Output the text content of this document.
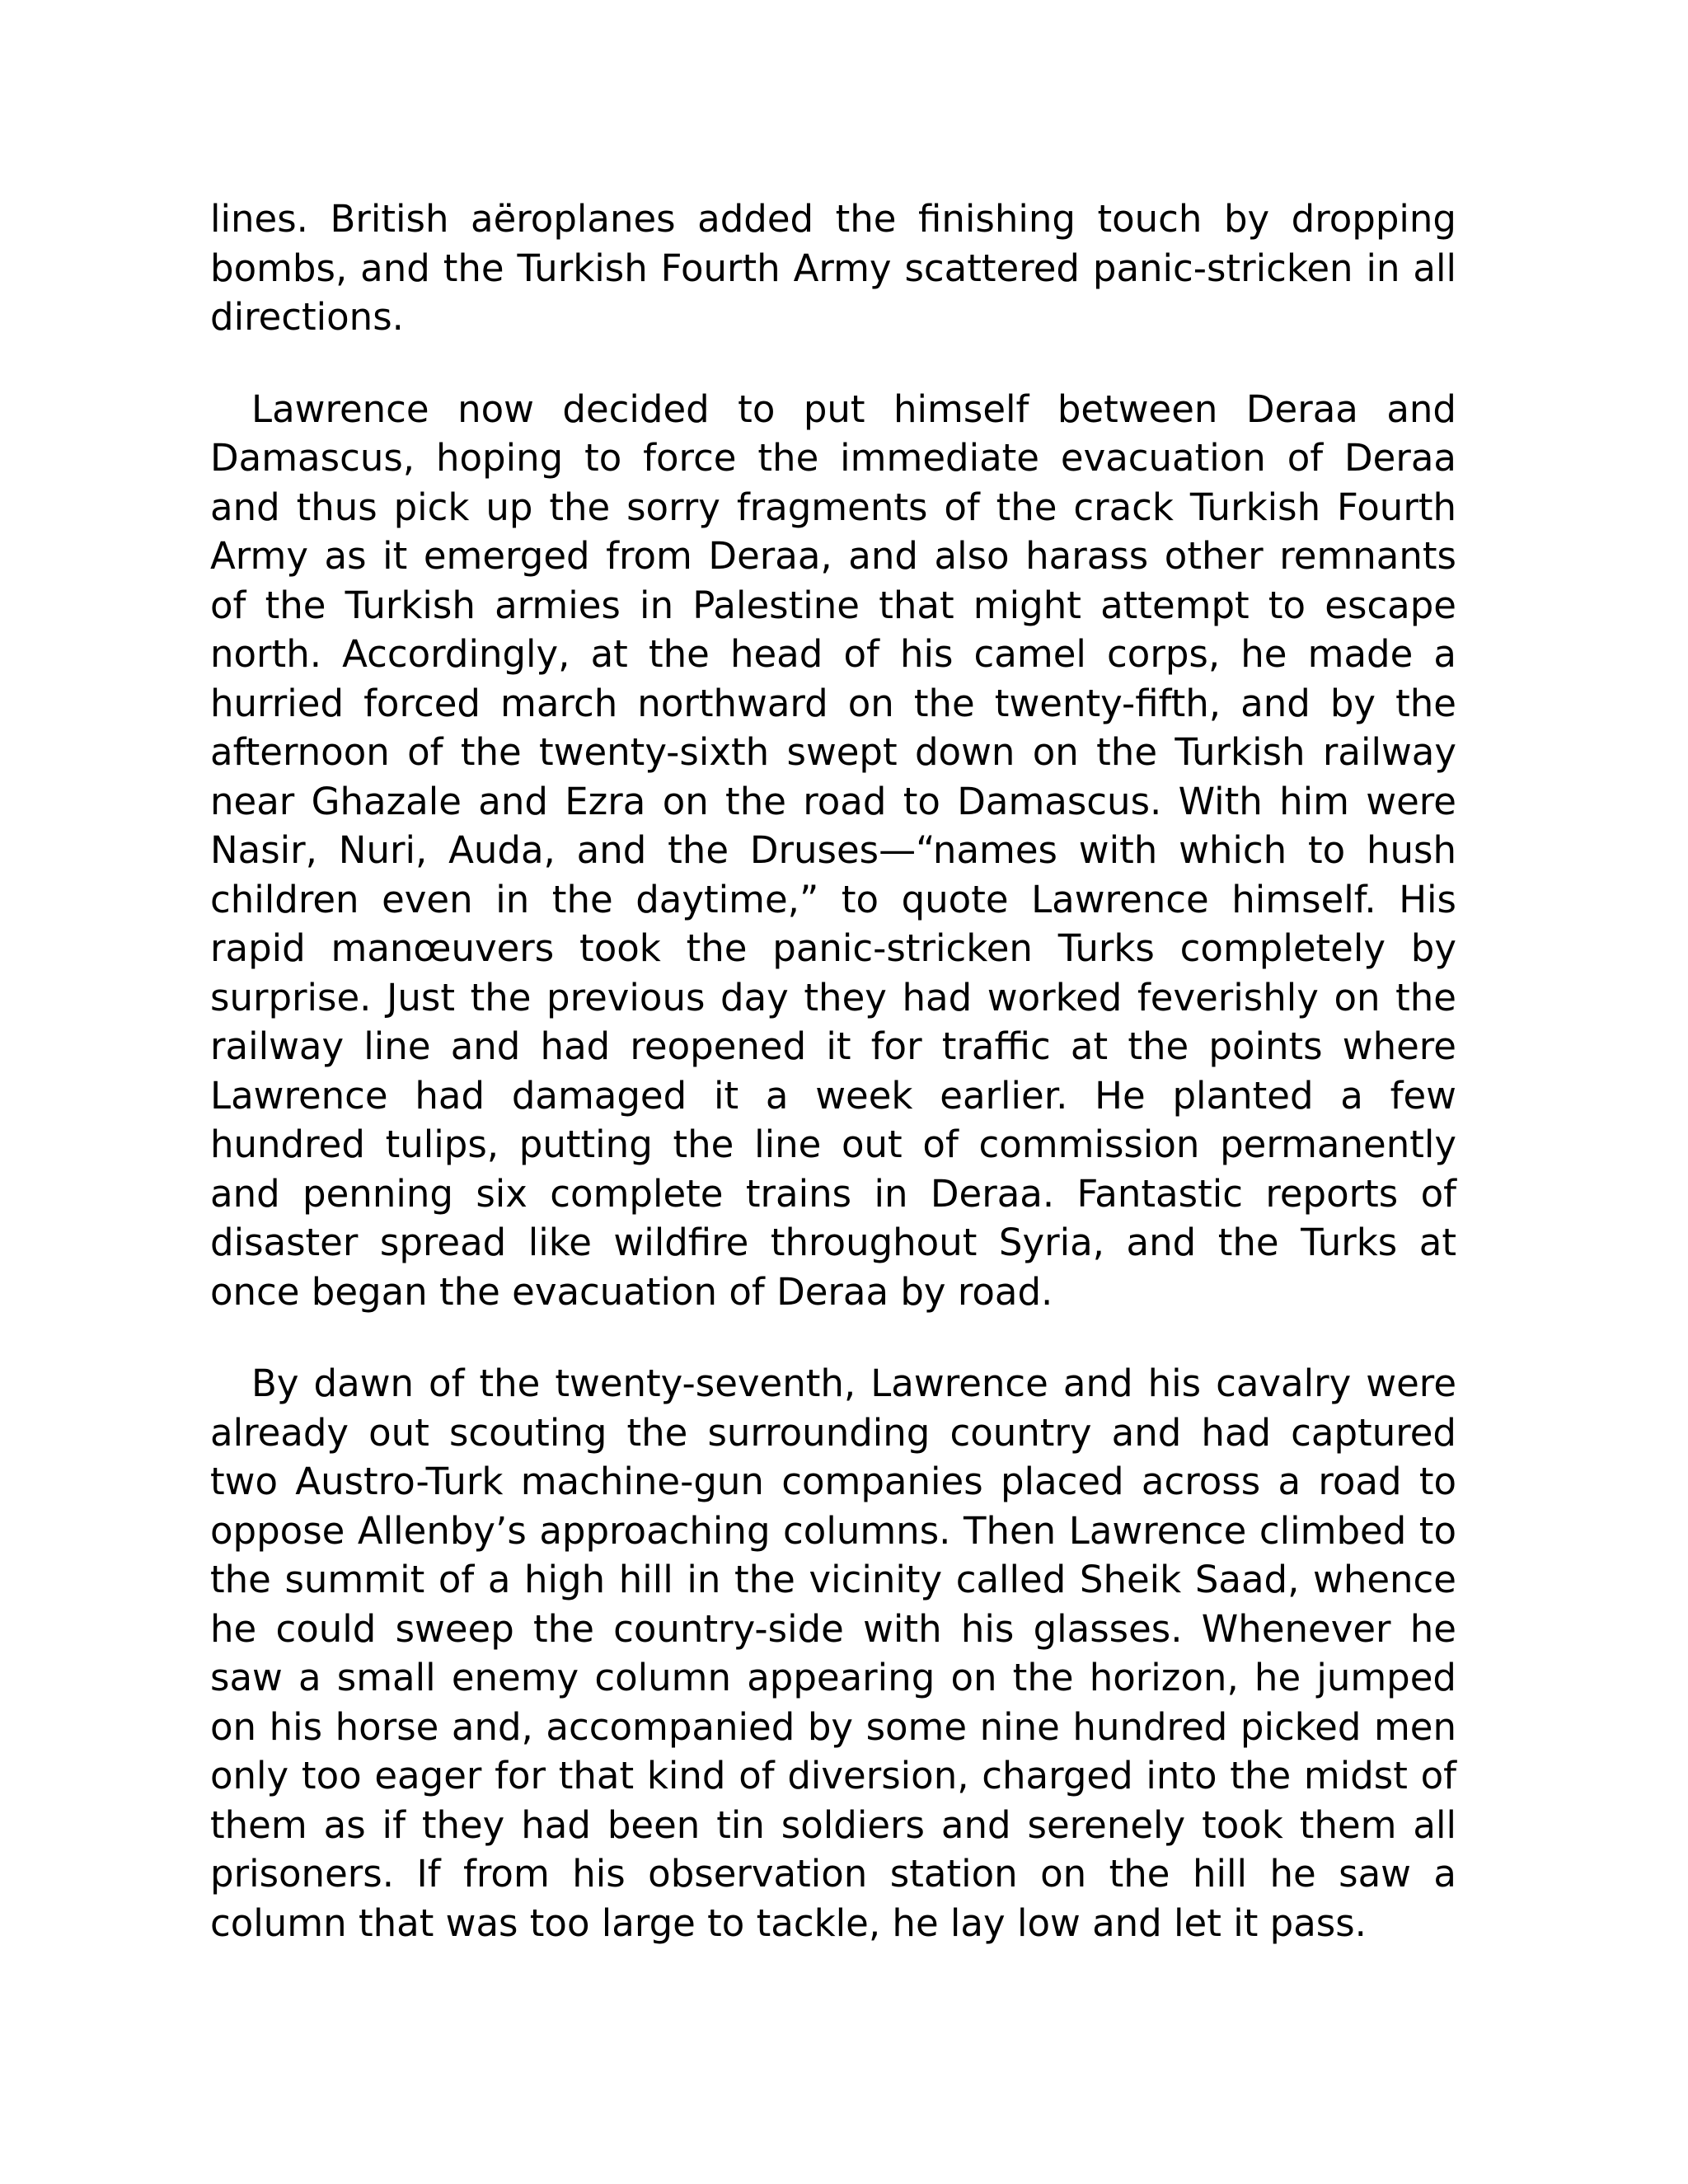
lines. British aëroplanes added the finishing touch by dropping bombs, and the Turkish Fourth Army scattered panic-stricken in all directions.

Lawrence now decided to put himself between Deraa and Damascus, hoping to force the immediate evacuation of Deraa and thus pick up the sorry fragments of the crack Turkish Fourth Army as it emerged from Deraa, and also harass other remnants of the Turkish armies in Palestine that might attempt to escape north. Accordingly, at the head of his camel corps, he made a hurried forced march northward on the twenty-fifth, and by the afternoon of the twenty-sixth swept down on the Turkish railway near Ghazale and Ezra on the road to Damascus. With him were Nasir, Nuri, Auda, and the Druses—“names with which to hush children even in the daytime,” to quote Lawrence himself. His rapid manœuvers took the panic-stricken Turks completely by surprise. Just the previous day they had worked feverishly on the railway line and had reopened it for traffic at the points where Lawrence had damaged it a week earlier. He planted a few hundred tulips, putting the line out of commission permanently and penning six complete trains in Deraa. Fantastic reports of disaster spread like wildfire throughout Syria, and the Turks at once began the evacuation of Deraa by road.

By dawn of the twenty-seventh, Lawrence and his cavalry were already out scouting the surrounding country and had captured two Austro-Turk machine-gun companies placed across a road to oppose Allenby’s approaching columns. Then Lawrence climbed to the summit of a high hill in the vicinity called Sheik Saad, whence he could sweep the country-side with his glasses. Whenever he saw a small enemy column appearing on the horizon, he jumped on his horse and, accompanied by some nine hundred picked men only too eager for that kind of diversion, charged into the midst of them as if they had been tin soldiers and serenely took them all prisoners. If from his observation station on the hill he saw a column that was too large to tackle, he lay low and let it pass.
